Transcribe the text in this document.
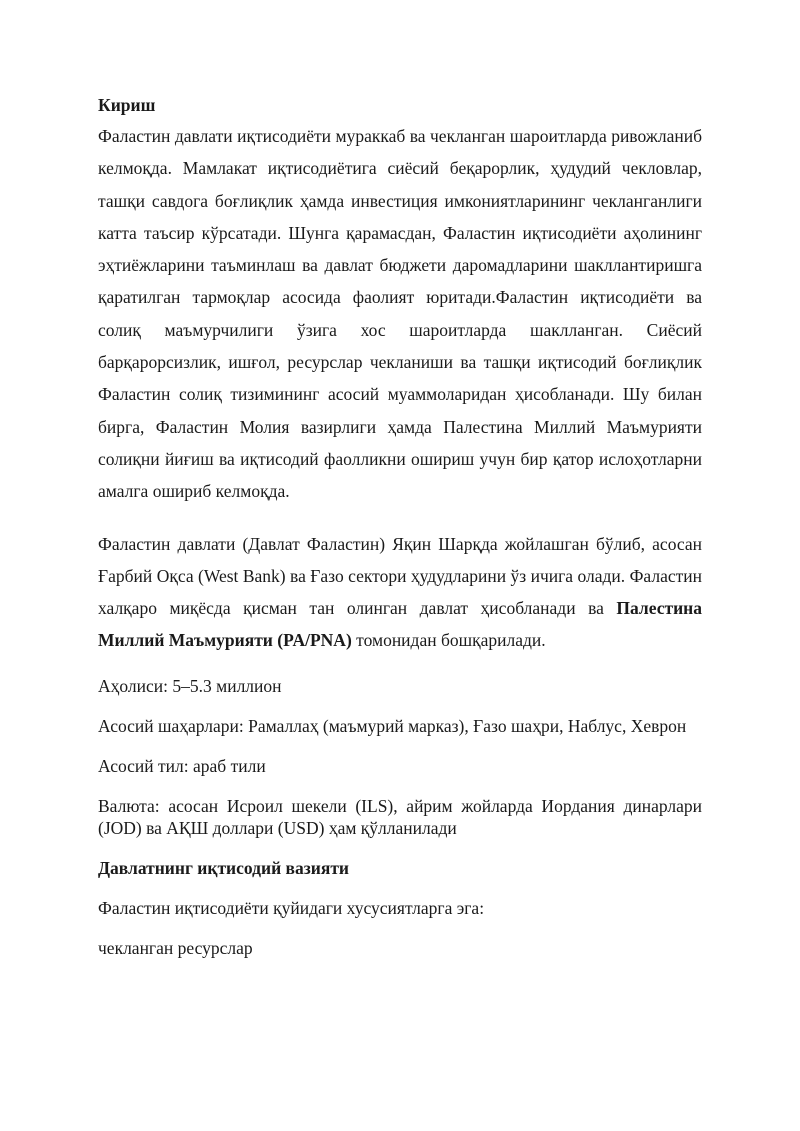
Кириш

Фаластин давлати иқтисодиёти мураккаб ва чекланган шароитларда ривожланиб келмоқда. Мамлакат иқтисодиётига сиёсий беқарорлик, ҳудудий чекловлар, ташқи савдога боғлиқлик ҳамда инвестиция имкониятларининг чекланганлиги катта таъсир кўрсатади. Шунга қарамасдан, Фаластин иқтисодиёти аҳолининг эҳтиёжларини таъминлаш ва давлат бюджети даромадларини шакллантиришга қаратилган тармоқлар асосида фаолият юритади.Фаластин иқтисодиёти ва солиқ маъмурчилиги ўзига хос шароитларда шаклланган. Сиёсий барқарорсизлик, ишғол, ресурслар чекланиши ва ташқи иқтисодий боғлиқлик Фаластин солиқ тизимининг асосий муаммоларидан ҳисобланади. Шу билан бирга, Фаластин Молия вазирлиги ҳамда Палестина Миллий Маъмурияти солиқни йиғиш ва иқтисодий фаолликни ошириш учун бир қатор ислоҳотларни амалга ошириб келмоқда.

Фаластин давлати (Давлат Фаластин) Яқин Шарқда жойлашган бўлиб, асосан Ғарбий Оқса (West Bank) ва Ғазо сектори ҳудудларини ўз ичига олади. Фаластин халқаро миқёсда қисман тан олинган давлат ҳисобланади ва Палестина Миллий Маъмурияти (PA/PNA) томонидан бошқарилади.

Аҳолиси: 5–5.3 миллион

Асосий шаҳарлари: Рамаллаҳ (маъмурий марказ), Ғазо шаҳри, Наблус, Хеврон

Асосий тил: араб тили

Валюта: асосан Исроил шекели (ILS), айрим жойларда Иордания динарлари (JOD) ва АҚШ доллари (USD) ҳам қўлланилади

Давлатнинг иқтисодий вазияти

Фаластин иқтисодиёти қуйидаги хусусиятларга эга:

чекланган ресурслар
